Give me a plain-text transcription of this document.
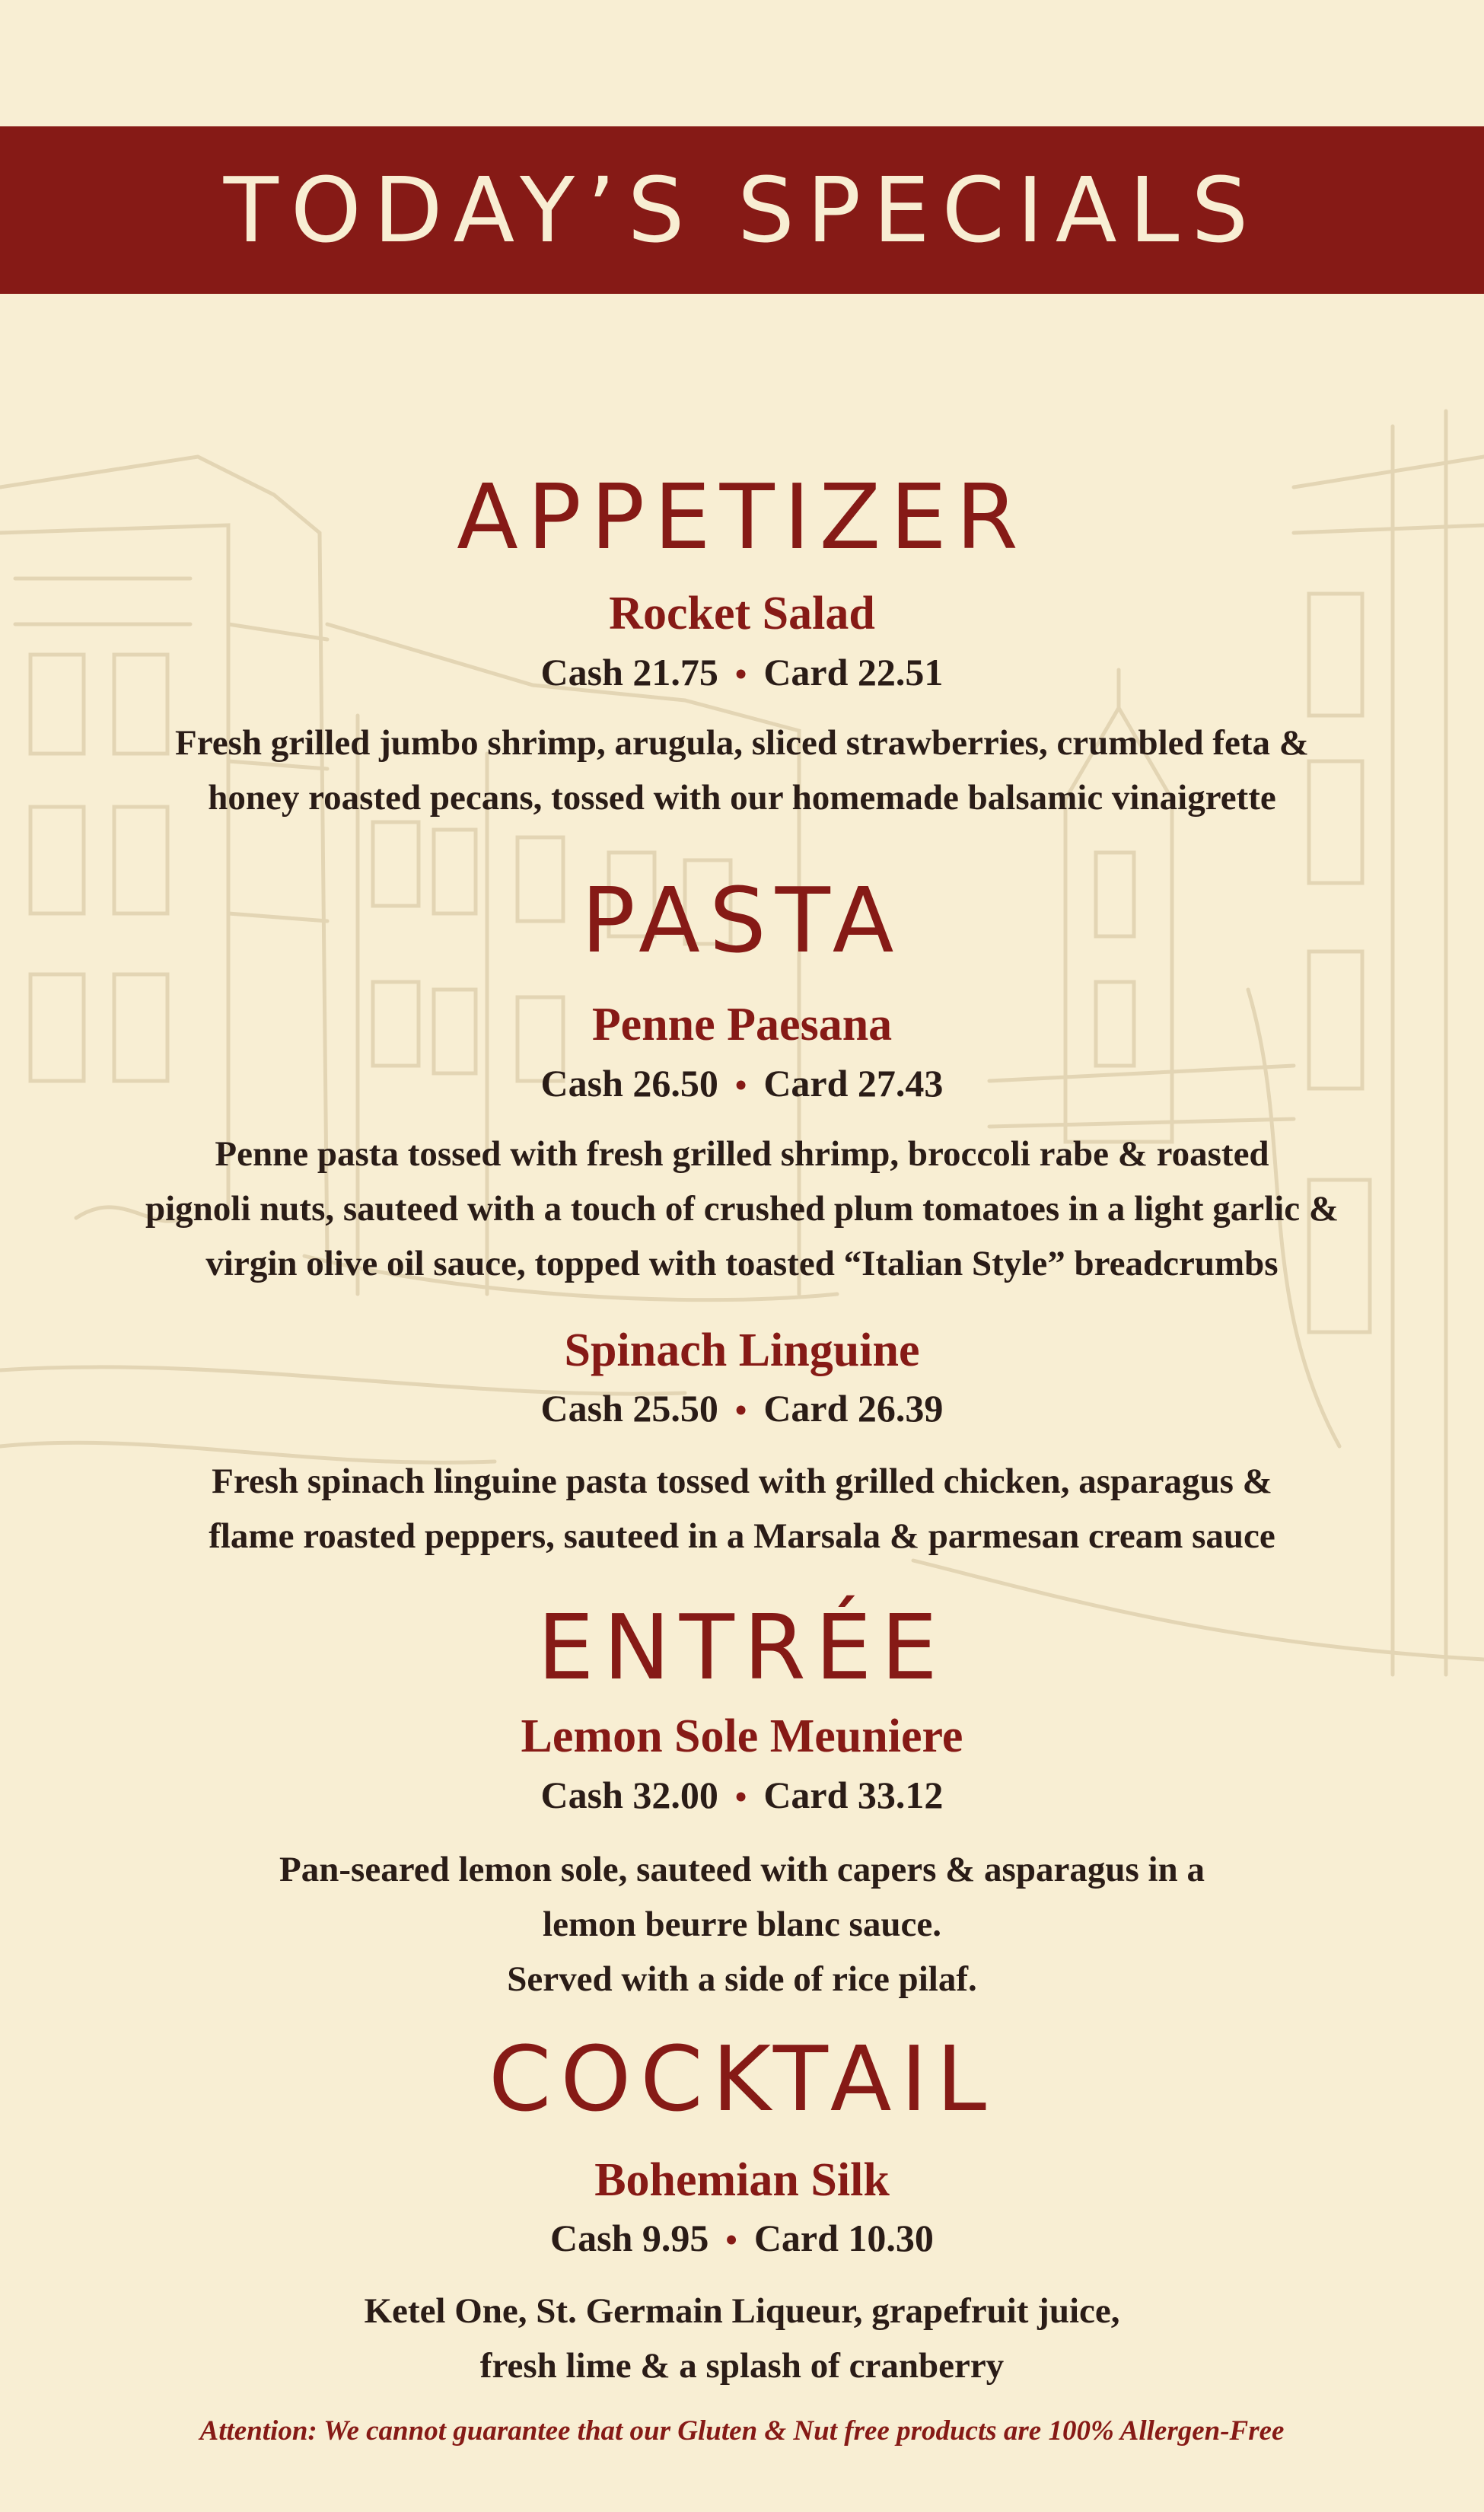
TODAY’S SPECIALS
APPETIZER
Rocket Salad
Cash 21.75 • Card 22.51
Fresh grilled jumbo shrimp, arugula, sliced strawberries, crumbled feta &
honey roasted pecans, tossed with our homemade balsamic vinaigrette
PASTA
Penne Paesana
Cash 26.50 • Card 27.43
Penne pasta tossed with fresh grilled shrimp, broccoli rabe & roasted
pignoli nuts, sauteed with a touch of crushed plum tomatoes in a light garlic &
virgin olive oil sauce, topped with toasted “Italian Style” breadcrumbs
Spinach Linguine
Cash 25.50 • Card 26.39
Fresh spinach linguine pasta tossed with grilled chicken, asparagus &
flame roasted peppers, sauteed in a Marsala & parmesan cream sauce
ENTRÉE
Lemon Sole Meuniere
Cash 32.00 • Card 33.12
Pan-seared lemon sole, sauteed with capers & asparagus in a
lemon beurre blanc sauce.
Served with a side of rice pilaf.
COCKTAIL
Bohemian Silk
Cash 9.95 • Card 10.30
Ketel One, St. Germain Liqueur, grapefruit juice,
fresh lime & a splash of cranberry
Attention: We cannot guarantee that our Gluten & Nut free products are 100% Allergen-Free
